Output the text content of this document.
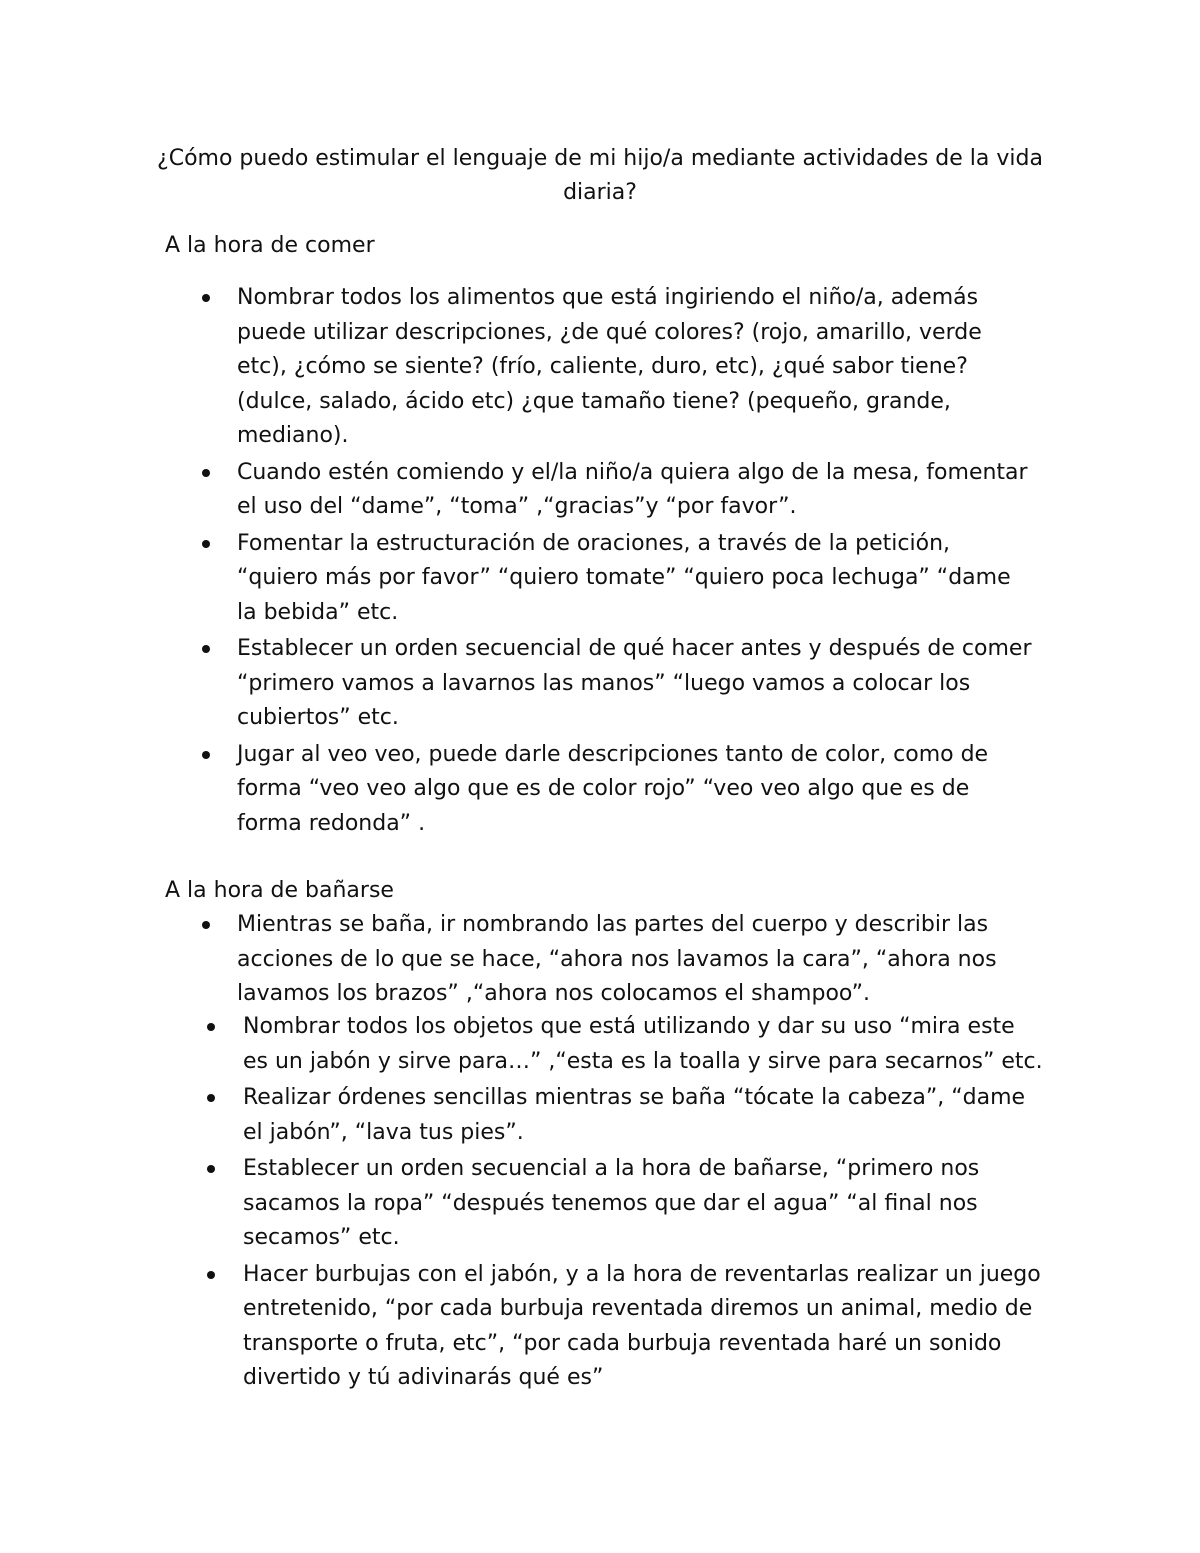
¿Cómo puedo estimular el lenguaje de mi hijo/a mediante actividades de la vida diaria?
A la hora de comer
Nombrar todos los alimentos que está ingiriendo el niño/a, además puede utilizar descripciones, ¿de qué colores? (rojo, amarillo, verde etc), ¿cómo se siente? (frío, caliente, duro, etc), ¿qué sabor tiene? (dulce, salado, ácido etc) ¿que tamaño tiene? (pequeño, grande, mediano).
Cuando estén comiendo y el/la niño/a quiera algo de la mesa, fomentar el uso del “dame”, “toma” ,“gracias”y “por favor”.
Fomentar la estructuración de oraciones, a través de la petición, “quiero más por favor” “quiero tomate” “quiero poca lechuga” “dame la bebida” etc.
Establecer un orden secuencial de qué hacer antes y después de comer “primero vamos a lavarnos las manos” “luego vamos a colocar los cubiertos” etc.
Jugar al veo veo, puede darle descripciones tanto de color, como de forma “veo veo algo que es de color rojo” “veo veo algo que es de forma redonda” .
A la hora de bañarse
Mientras se baña, ir nombrando las partes del cuerpo y describir las acciones de lo que se hace, “ahora nos lavamos la cara”, “ahora nos lavamos los brazos” ,“ahora nos colocamos el shampoo”.
Nombrar todos los objetos que está utilizando y dar su uso “mira este es un jabón y sirve para…” ,“esta es la toalla y sirve para secarnos” etc.
Realizar órdenes sencillas mientras se baña “tócate la cabeza”, “dame el jabón”, “lava tus pies”.
Establecer un orden secuencial a la hora de bañarse, “primero nos sacamos la ropa” “después tenemos que dar el agua” “al final nos secamos” etc.
Hacer burbujas con el jabón, y a la hora de reventarlas realizar un juego entretenido, “por cada burbuja reventada diremos un animal, medio de transporte o fruta, etc”, “por cada burbuja reventada haré un sonido divertido y tú adivinarás qué es”
